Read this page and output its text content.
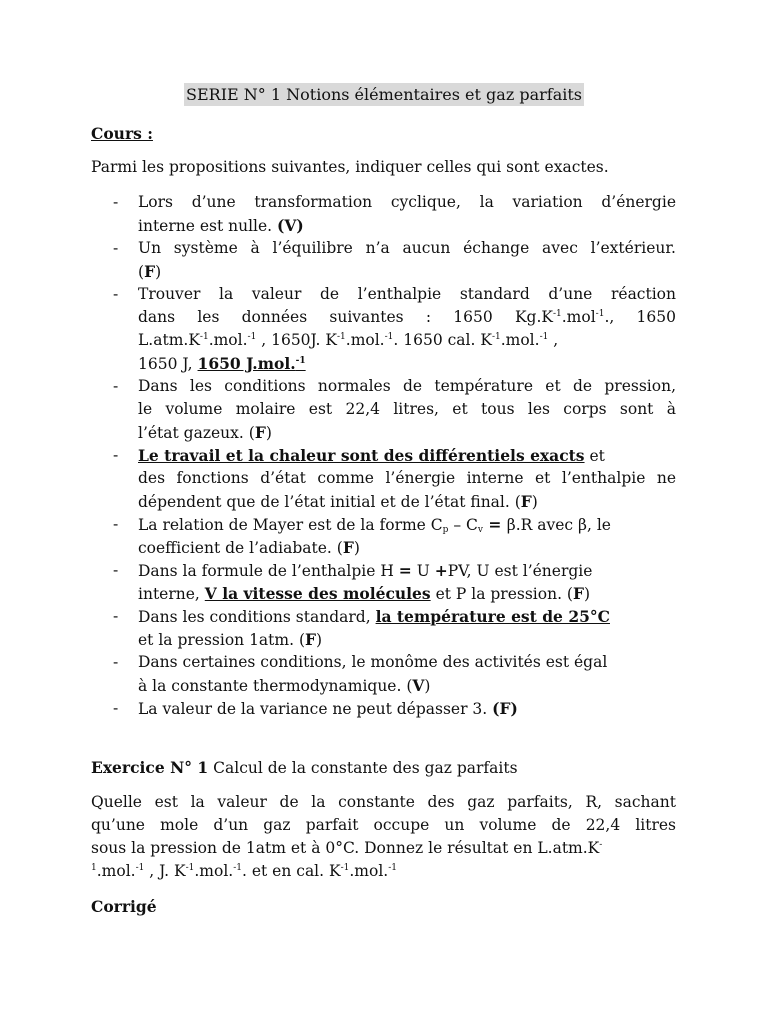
SERIE N° 1 Notions élémentaires et gaz parfaits
Cours :
Parmi les propositions suivantes, indiquer celles qui sont exactes.
- Lors d’une transformation cyclique, la variation d’énergie
interne est nulle. (V)
- Un système à l’équilibre n’a aucun échange avec l’extérieur.
(F)
- Trouver la valeur de l’enthalpie standard d’une réaction
dans les données suivantes : 1650 $Kg.K^{-1}.mol^{-1}$., 1650
$L.atm.K^{-1}.mol.^{-1}$ , 1650J. $K^{-1}.mol.^{-1}$. 1650 cal. $K^{-1}.mol.^{-1}$ ,
1650 J, 1650 J.mol.$^{-1}$
- Dans les conditions normales de température et de pression,
le volume molaire est 22,4 litres, et tous les corps sont à
l’état gazeux. (F)
- Le travail et la chaleur sont des différentiels exacts et
des fonctions d’état comme l’énergie interne et l’enthalpie ne
dépendent que de l’état initial et de l’état final. (F)
- La relation de Mayer est de la forme $C_p - C_v = \beta.R$ avec β, le
coefficient de l’adiabate. (F)
- Dans la formule de l’enthalpie H = U +PV, U est l’énergie
interne, V la vitesse des molécules et P la pression. (F)
- Dans les conditions standard, la température est de 25°C
et la pression 1atm. (F)
- Dans certaines conditions, le monôme des activités est égal
à la constante thermodynamique. (V)
- La valeur de la variance ne peut dépasser 3. (F)
Exercice N° 1 Calcul de la constante des gaz parfaits
Quelle est la valeur de la constante des gaz parfaits, R, sachant
qu’une mole d’un gaz parfait occupe un volume de 22,4 litres
sous la pression de 1atm et à 0°C. Donnez le résultat en L.atm.K-
$^1$.mol.$^{-1}$ , J. $K^{-1}.mol.^{-1}$. et en cal. $K^{-1}.mol.^{-1}$
Corrigé
